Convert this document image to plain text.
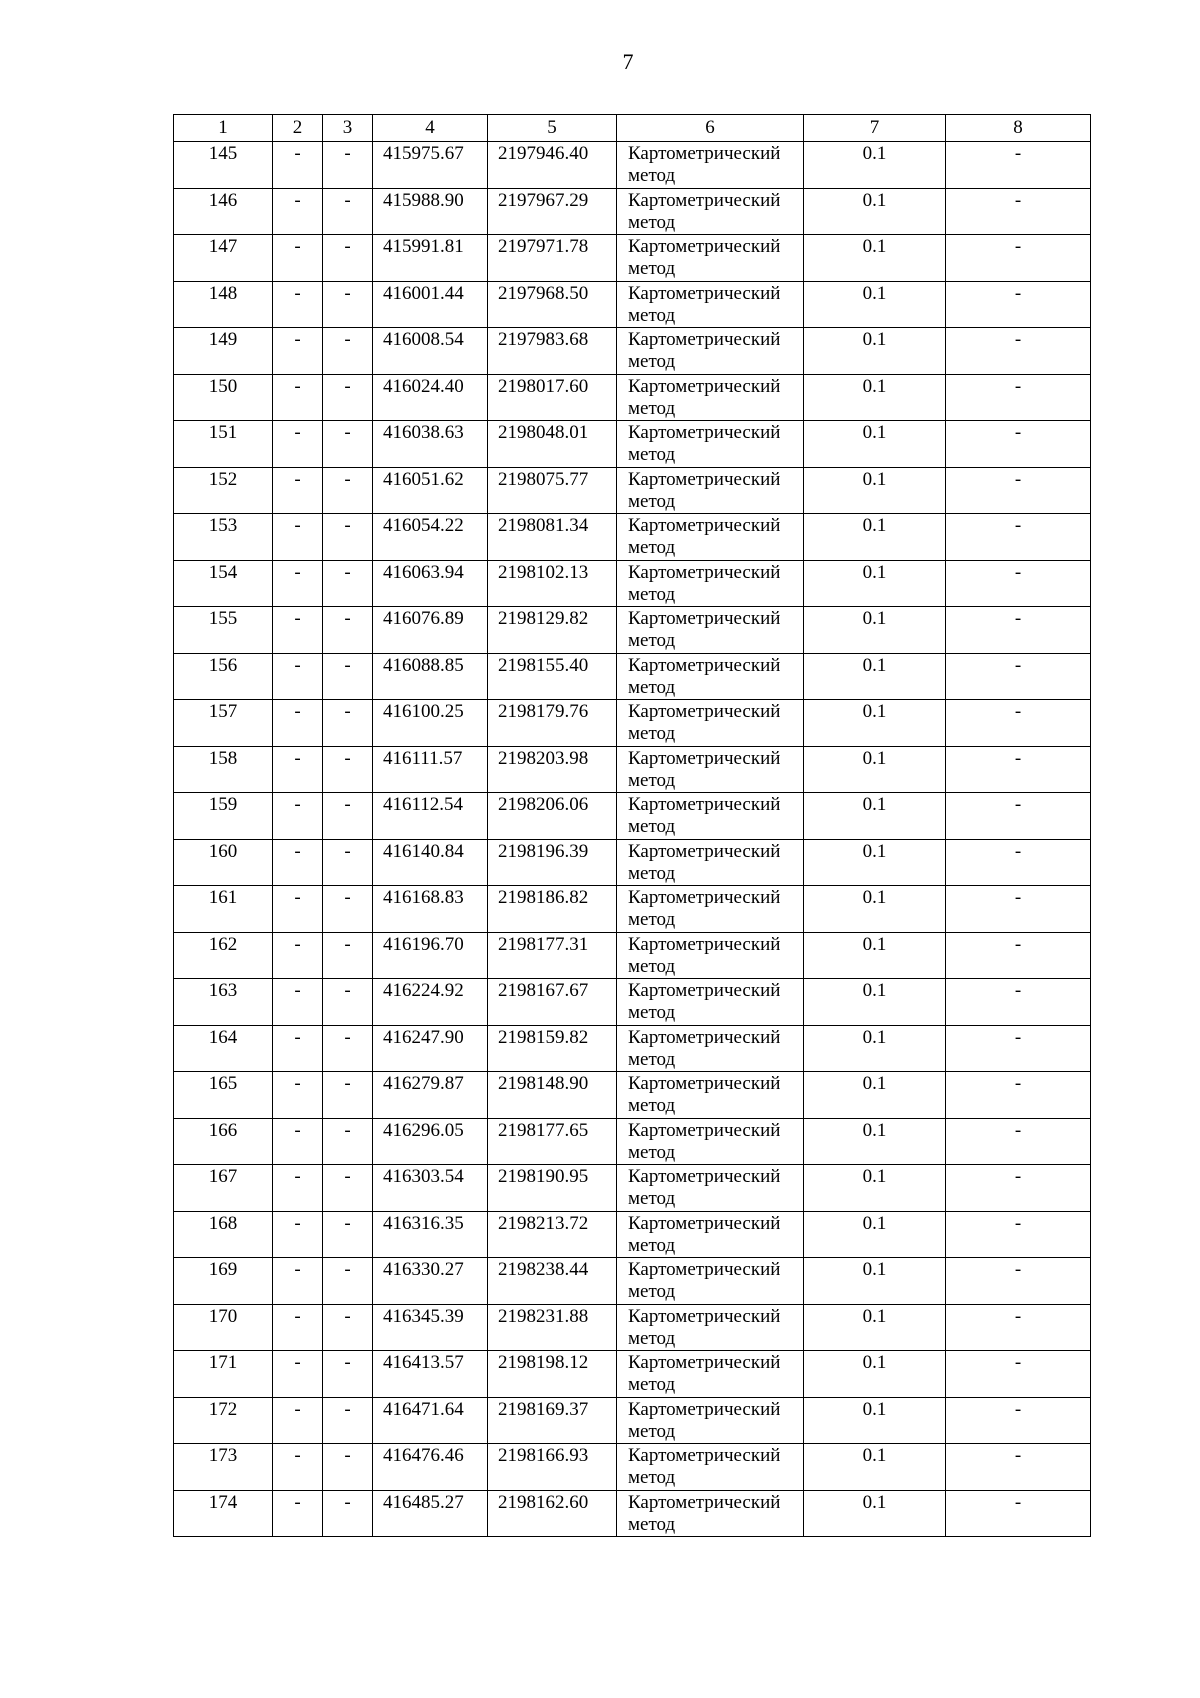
7
1	2	3	4	5	6	7	8
145	-	-	415975.67	2197946.40	Картометрический метод	0.1	-
146	-	-	415988.90	2197967.29	Картометрический метод	0.1	-
147	-	-	415991.81	2197971.78	Картометрический метод	0.1	-
148	-	-	416001.44	2197968.50	Картометрический метод	0.1	-
149	-	-	416008.54	2197983.68	Картометрический метод	0.1	-
150	-	-	416024.40	2198017.60	Картометрический метод	0.1	-
151	-	-	416038.63	2198048.01	Картометрический метод	0.1	-
152	-	-	416051.62	2198075.77	Картометрический метод	0.1	-
153	-	-	416054.22	2198081.34	Картометрический метод	0.1	-
154	-	-	416063.94	2198102.13	Картометрический метод	0.1	-
155	-	-	416076.89	2198129.82	Картометрический метод	0.1	-
156	-	-	416088.85	2198155.40	Картометрический метод	0.1	-
157	-	-	416100.25	2198179.76	Картометрический метод	0.1	-
158	-	-	416111.57	2198203.98	Картометрический метод	0.1	-
159	-	-	416112.54	2198206.06	Картометрический метод	0.1	-
160	-	-	416140.84	2198196.39	Картометрический метод	0.1	-
161	-	-	416168.83	2198186.82	Картометрический метод	0.1	-
162	-	-	416196.70	2198177.31	Картометрический метод	0.1	-
163	-	-	416224.92	2198167.67	Картометрический метод	0.1	-
164	-	-	416247.90	2198159.82	Картометрический метод	0.1	-
165	-	-	416279.87	2198148.90	Картометрический метод	0.1	-
166	-	-	416296.05	2198177.65	Картометрический метод	0.1	-
167	-	-	416303.54	2198190.95	Картометрический метод	0.1	-
168	-	-	416316.35	2198213.72	Картометрический метод	0.1	-
169	-	-	416330.27	2198238.44	Картометрический метод	0.1	-
170	-	-	416345.39	2198231.88	Картометрический метод	0.1	-
171	-	-	416413.57	2198198.12	Картометрический метод	0.1	-
172	-	-	416471.64	2198169.37	Картометрический метод	0.1	-
173	-	-	416476.46	2198166.93	Картометрический метод	0.1	-
174	-	-	416485.27	2198162.60	Картометрический метод	0.1	-
